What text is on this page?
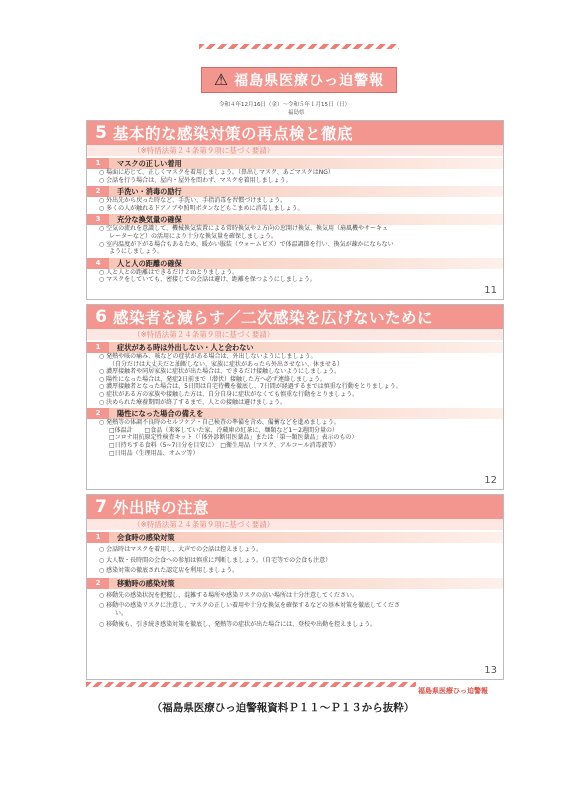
⚠ 福島県医療ひっ迫警報
令和４年12月16日（金）～令和５年１月15日（日）
福島県
5 基本的な感染対策の再点検と徹底
（※特措法第２４条第９項に基づく要請）
1	マスクの正しい着用
○ 場面に応じて、正しくマスクを着用しましょう。（鼻出しマスク、あごマスクはNG）
○ 会話を行う場合は、屋内・屋外を問わず、マスクを着用しましょう。
2	手洗い・消毒の励行
○ 外出先から戻った時など、手洗い、手指消毒を習慣づけましょう。
○ 多くの人が触れるドアノブや照明ボタンなどもこまめに消毒しましょう。
3	充分な換気量の確保
○ 空気の流れを意識して、機械換気装置による常時換気や２方向の窓開け換気、換気用（扇風機やサーキュ
レーターなど）の活用により十分な換気量を確保しましょう。
○ 室内温度が下がる場合もあるため、暖かい服装（ウォームビズ）で体温調節を行い、換気が疎かにならない
ようにしましょう。
4	人と人の距離の確保
○ 人と人との距離はできるだけ２ｍとりましょう。
○ マスクをしていても、密接しての会話は避け、距離を保つようにしましょう。
11
6 感染者を減らす／二次感染を広げないために
（※特措法第２４条第９項に基づく要請）
1	症状がある時は外出しない・人と会わない
○ 発熱や咳の痛み、咳などの症状がある場合は、外出しないようにしましょう。
（自分だけは大丈夫だと油断しない、家族に症状があったら外出させない、休ませる）
○ 濃厚接触者や同居家族に症状が出た場合は、できるだけ接触しないようにしましょう。
○ 陽性になった場合は、発症2日前まで（潜伏）接触した方へ必ず連絡しましょう。
○ 濃厚接触者となった場合は、5日間は自宅待機を徹底し、7日間が経過するまでは慎重な行動をとりましょう。
○ 症状がある方の家族や接触した方は、自分自身に症状がなくても慎重な行動をとりましょう。
○ 決められた療養期間が終了するまで、人との接触は避けましょう。
2	陽性になった場合の備えを
○ 発熱等の体調不良時のセルフケア・自己検査の準備を含め、備蓄などを進めましょう。
□体温計　　□食品（来客していた家、冷蔵庫の紅茶に、麺類など1～2週間分量の）
□コロナ用抗原定性検査キット（「体外診断用医薬品」または「第一類医薬品」表示のもの）
□日持ちする食料（5~7日分を目安に）　□衛生用品（マスク、アルコール消毒液等）
□日用品（生理用品、オムツ等）
12
7 外出時の注意
（※特措法第２４条第９項に基づく要請）
1	会食時の感染対策
○ 会話時はマスクを着用し、大声での会話は控えましょう。
○ 大人数・長時間の会食への参加は慎重に判断しましょう。（自宅等での会食も注意）
○ 感染対策の徹底された認定店を利用しましょう。
2	移動時の感染対策
○ 移動先の感染状況を把握し、混雑する場所や感染リスクの高い場所は十分注意してください。
○ 移動中の感染リスクに注意し、マスクの正しい着用や十分な換気を確保するなどの基本対策を徹底してくださ
い。
○ 移動後も、引き続き感染対策を徹底し、発熱等の症状が出た場合には、登校や出勤を控えましょう。
13
福島県医療ひっ迫警報
（福島県医療ひっ迫警報資料Ｐ１１～Ｐ１３から抜粋）
